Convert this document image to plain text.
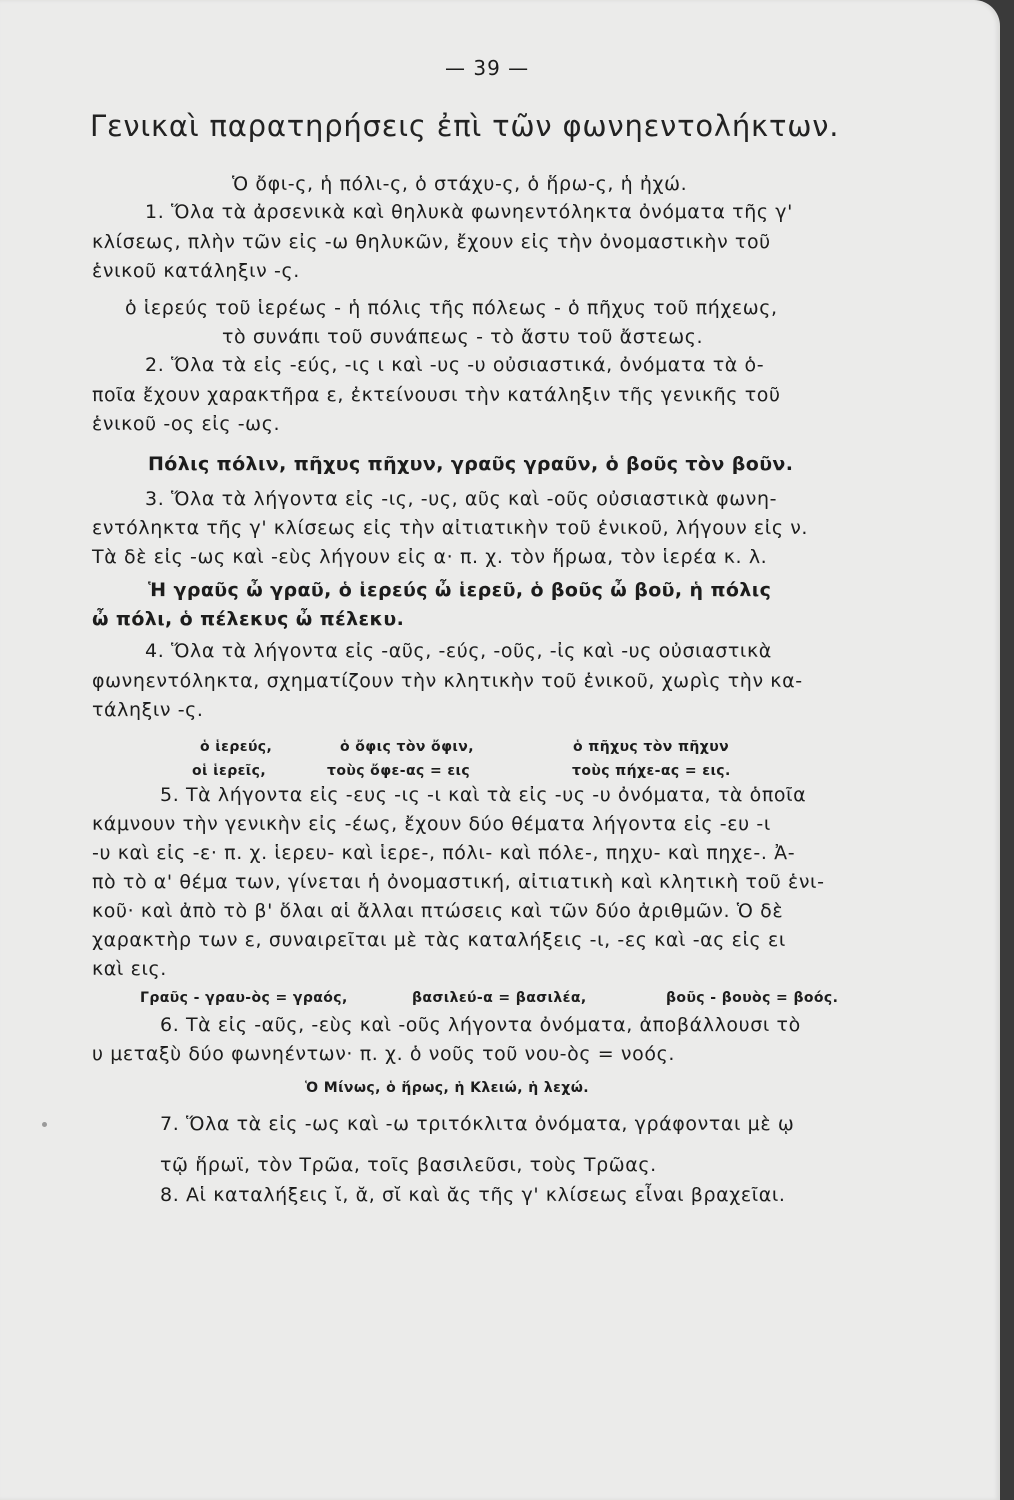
— 39 —
Γενικαὶ παρατηρήσεις ἐπὶ τῶν φωνηεντολήκτων.
Ὁ ὄφι-ς, ἡ πόλι-ς, ὁ στάχυ-ς, ὁ ἥρω-ς, ἡ ἠχώ.
1. Ὅλα τὰ ἀρσενικὰ καὶ θηλυκὰ φωνηεντόληκτα ὀνόματα τῆς γ'
κλίσεως, πλὴν τῶν εἰς -ω θηλυκῶν, ἔχουν εἰς τὴν ὀνομαστικὴν τοῦ
ἑνικοῦ κατάληξιν -ς.
ὁ ἱερεύς τοῦ ἱερέως - ἡ πόλις τῆς πόλεως - ὁ πῆχυς τοῦ πήχεως,
τὸ συνάπι τοῦ συνάπεως - τὸ ἄστυ τοῦ ἄστεως.
2. Ὅλα τὰ εἰς -εύς, -ις ι καὶ -υς -υ οὐσιαστικά, ὀνόματα τὰ ὁ-
ποῖα ἔχουν χαρακτῆρα ε, ἐκτείνουσι τὴν κατάληξιν τῆς γενικῆς τοῦ
ἑνικοῦ -ος εἰς -ως.
Πόλις πόλιν, πῆχυς πῆχυν, γραῦς γραῦν, ὁ βοῦς τὸν βοῦν.
3. Ὅλα τὰ λήγοντα εἰς -ις, -υς, αῦς καὶ -οῦς οὐσιαστικὰ φωνη-
εντόληκτα τῆς γ' κλίσεως εἰς τὴν αἰτιατικὴν τοῦ ἑνικοῦ, λήγουν εἰς ν.
Τὰ δὲ εἰς -ως καὶ -εὺς λήγουν εἰς α· π. χ. τὸν ἥρωα, τὸν ἱερέα κ. λ.
Ἡ γραῦς ὦ γραῦ, ὁ ἱερεύς ὦ ἱερεῦ, ὁ βοῦς ὦ βοῦ, ἡ πόλις
ὦ πόλι, ὁ πέλεκυς ὦ πέλεκυ.
4. Ὅλα τὰ λήγοντα εἰς -αῦς, -εύς, -οῦς, -ἰς καὶ -υς οὐσιαστικὰ
φωνηεντόληκτα, σχηματίζουν τὴν κλητικὴν τοῦ ἑνικοῦ, χωρὶς τὴν κα-
τάληξιν -ς.
ὁ ἱερεύς,	ὁ ὄφις τὸν ὄφιν,	ὁ πῆχυς τὸν πῆχυν
οἱ ἱερεῖς,	τοὺς ὄφε-ας = εις	τοὺς πήχε-ας = εις.
5. Τὰ λήγοντα εἰς -ευς -ις -ι καὶ τὰ εἰς -υς -υ ὀνόματα, τὰ ὁποῖα
κάμνουν τὴν γενικὴν εἰς -έως, ἔχουν δύο θέματα λήγοντα εἰς -ευ -ι
-υ καὶ εἰς -ε· π. χ. ἱερευ- καὶ ἱερε-, πόλι- καὶ πόλε-, πηχυ- καὶ πηχε-. Ἀ-
πὸ τὸ α' θέμα των, γίνεται ἡ ὀνομαστική, αἰτιατικὴ καὶ κλητικὴ τοῦ ἑνι-
κοῦ· καὶ ἀπὸ τὸ β' ὅλαι αἱ ἄλλαι πτώσεις καὶ τῶν δύο ἀριθμῶν. Ὁ δὲ
χαρακτὴρ των ε, συναιρεῖται μὲ τὰς καταλήξεις -ι, -ες καὶ -ας εἰς ει
καὶ εις.
Γραῦς - γραυ-ὸς = γραός,	βασιλεύ-α = βασιλέα,	βοῦς - βουὸς = βοός.
6. Τὰ εἰς -αῦς, -εὺς καὶ -οῦς λήγοντα ὀνόματα, ἀποβάλλουσι τὸ
υ μεταξὺ δύο φωνηέντων· π. χ. ὁ νοῦς τοῦ νου-ὸς = νοός.
Ὁ Μίνως, ὁ ἥρως, ἡ Κλειώ, ἡ λεχώ.
7. Ὅλα τὰ εἰς -ως καὶ -ω τριτόκλιτα ὀνόματα, γράφονται μὲ ῳ
τῷ ἥρωϊ, τὸν Τρῶα, τοῖς βασιλεῦσι, τοὺς Τρῶας.
8. Αἱ καταλήξεις ῐ, ᾰ, σῐ καὶ ᾰς τῆς γ' κλίσεως εἶναι βραχεῖαι.
